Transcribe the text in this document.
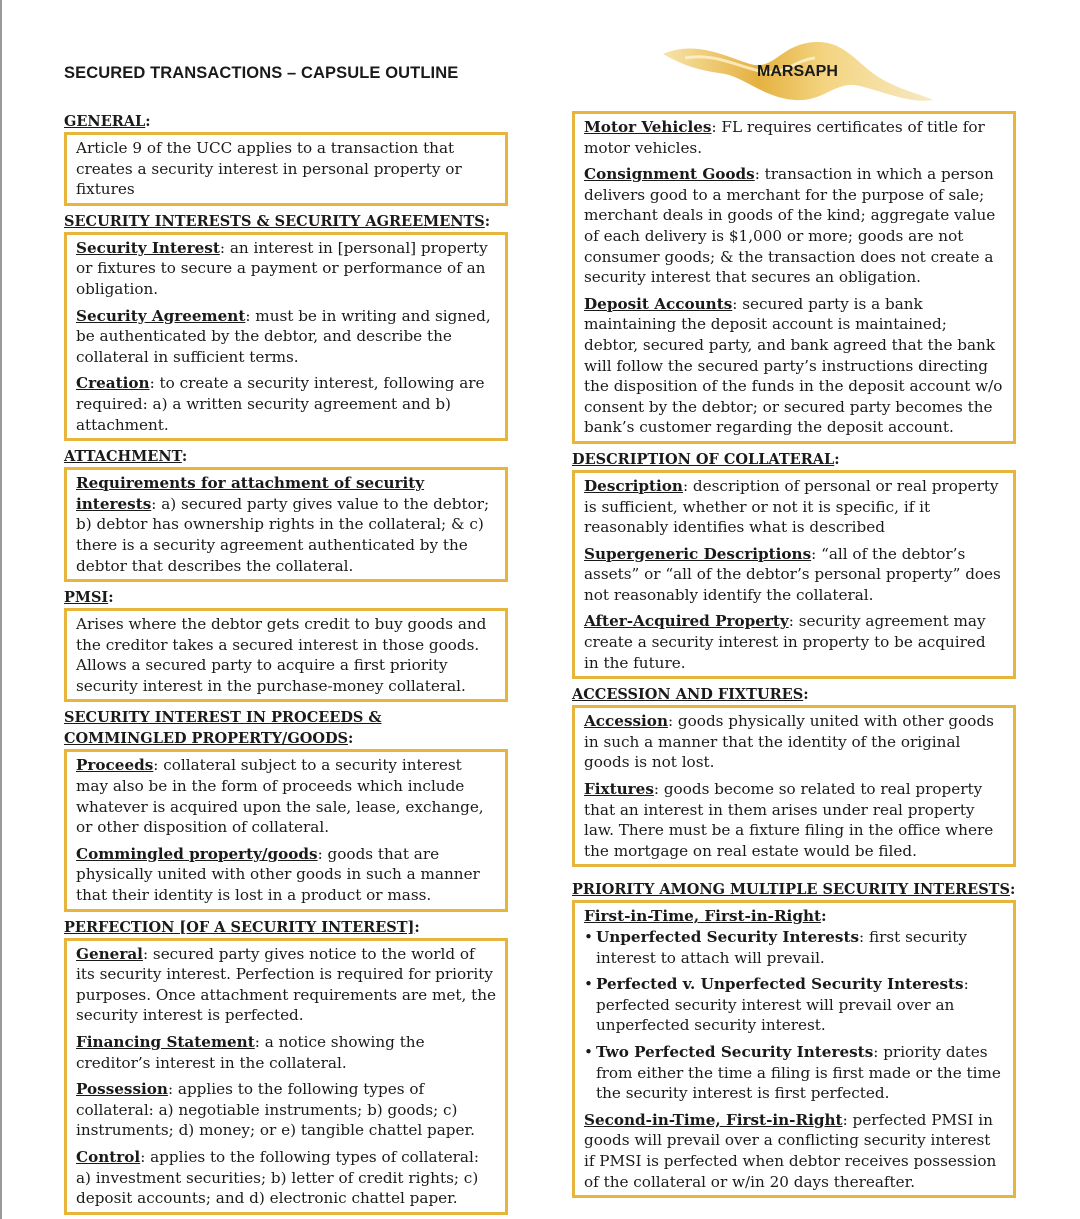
SECURED TRANSACTIONS – CAPSULE OUTLINE	MARSAPH
GENERAL:

Article 9 of the UCC applies to a transaction that creates a security interest in personal property or fixtures

SECURITY INTERESTS & SECURITY AGREEMENTS:

Security Interest: an interest in [personal] property or fixtures to secure a payment or performance of an obligation.

Security Agreement: must be in writing and signed, be authenticated by the debtor, and describe the collateral in sufficient terms.

Creation: to create a security interest, following are required: a) a written security agreement and b) attachment.

ATTACHMENT:

Requirements for attachment of security interests: a) secured party gives value to the debtor; b) debtor has ownership rights in the collateral; & c) there is a security agreement authenticated by the debtor that describes the collateral.

PMSI:

Arises where the debtor gets credit to buy goods and the creditor takes a secured interest in those goods. Allows a secured party to acquire a first priority security interest in the purchase-money collateral.

SECURITY INTEREST IN PROCEEDS & COMMINGLED PROPERTY/GOODS:

Proceeds: collateral subject to a security interest may also be in the form of proceeds which include whatever is acquired upon the sale, lease, exchange, or other disposition of collateral.

Commingled property/goods: goods that are physically united with other goods in such a manner that their identity is lost in a product or mass.

PERFECTION [OF A SECURITY INTEREST]:

General: secured party gives notice to the world of its security interest. Perfection is required for priority purposes. Once attachment requirements are met, the security interest is perfected.

Financing Statement: a notice showing the creditor’s interest in the collateral.

Possession: applies to the following types of collateral: a) negotiable instruments; b) goods; c) instruments; d) money; or e) tangible chattel paper.

Control: applies to the following types of collateral: a) investment securities; b) letter of credit rights; c) deposit accounts; and d) electronic chattel paper.

Motor Vehicles: FL requires certificates of title for motor vehicles.

Consignment Goods: transaction in which a person delivers good to a merchant for the purpose of sale; merchant deals in goods of the kind; aggregate value of each delivery is $1,000 or more; goods are not consumer goods; & the transaction does not create a security interest that secures an obligation.

Deposit Accounts: secured party is a bank maintaining the deposit account is maintained; debtor, secured party, and bank agreed that the bank will follow the secured party’s instructions directing the disposition of the funds in the deposit account w/o consent by the debtor; or secured party becomes the bank’s customer regarding the deposit account.

DESCRIPTION OF COLLATERAL:

Description: description of personal or real property is sufficient, whether or not it is specific, if it reasonably identifies what is described

Supergeneric Descriptions: “all of the debtor’s assets” or “all of the debtor’s personal property” does not reasonably identify the collateral.

After-Acquired Property: security agreement may create a security interest in property to be acquired in the future.

ACCESSION AND FIXTURES:

Accession: goods physically united with other goods in such a manner that the identity of the original goods is not lost.

Fixtures: goods become so related to real property that an interest in them arises under real property law. There must be a fixture filing in the office where the mortgage on real estate would be filed.

PRIORITY AMONG MULTIPLE SECURITY INTERESTS:

First-in-Time, First-in-Right:

• Unperfected Security Interests: first security interest to attach will prevail.
• Perfected v. Unperfected Security Interests: perfected security interest will prevail over an unperfected security interest.
• Two Perfected Security Interests: priority dates from either the time a filing is first made or the time the security interest is first perfected.

Second-in-Time, First-in-Right: perfected PMSI in goods will prevail over a conflicting security interest if PMSI is perfected when debtor receives possession of the collateral or w/in 20 days thereafter.
